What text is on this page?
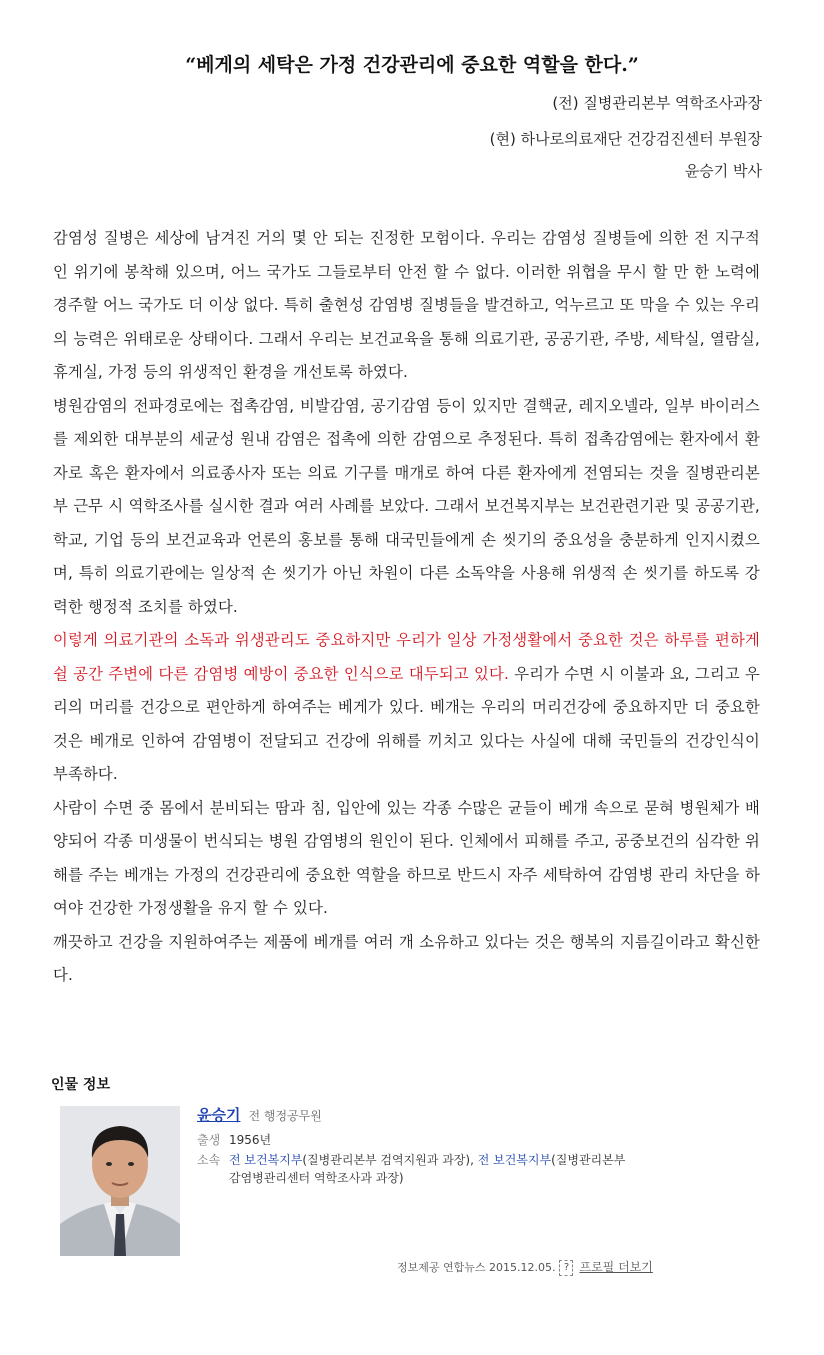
“베게의 세탁은 가정 건강관리에 중요한 역할을 한다.”
(전) 질병관리본부 역학조사과장
(현) 하나로의료재단 건강검진센터 부원장
윤승기 박사

감염성 질병은 세상에 남겨진 거의 몇 안 되는 진정한 모험이다. 우리는 감염성 질병들에 의한 전 지구적인 위기에 봉착해 있으며, 어느 국가도 그들로부터 안전 할 수 없다. 이러한 위협을 무시 할 만 한 노력에 경주할 어느 국가도 더 이상 없다. 특히 출현성 감염병 질병들을 발견하고, 억누르고 또 막을 수 있는 우리의 능력은 위태로운 상태이다. 그래서 우리는 보건교육을 통해 의료기관, 공공기관, 주방, 세탁실, 열람실, 휴게실, 가정 등의 위생적인 환경을 개선토록 하였다.

병원감염의 전파경로에는 접촉감염, 비발감염, 공기감염 등이 있지만 결핵균, 레지오넬라, 일부 바이러스를 제외한 대부분의 세균성 원내 감염은 접촉에 의한 감염으로 추정된다. 특히 접촉감염에는 환자에서 환자로 혹은 환자에서 의료종사자 또는 의료 기구를 매개로 하여 다른 환자에게 전염되는 것을 질병관리본부 근무 시 역학조사를 실시한 결과 여러 사례를 보았다. 그래서 보건복지부는 보건관련기관 및 공공기관, 학교, 기업 등의 보건교육과 언론의 홍보를 통해 대국민들에게 손 씻기의 중요성을 충분하게 인지시켰으며, 특히 의료기관에는 일상적 손 씻기가 아닌 차원이 다른 소독약을 사용해 위생적 손 씻기를 하도록 강력한 행정적 조치를 하였다.

이렇게 의료기관의 소독과 위생관리도 중요하지만 우리가 일상 가정생활에서 중요한 것은 하루를 편하게 쉴 공간 주변에 다른 감염병 예방이 중요한 인식으로 대두되고 있다. 우리가 수면 시 이불과 요, 그리고 우리의 머리를 건강으로 편안하게 하여주는 베게가 있다. 베개는 우리의 머리건강에 중요하지만 더 중요한 것은 베개로 인하여 감염병이 전달되고 건강에 위해를 끼치고 있다는 사실에 대해 국민들의 건강인식이 부족하다.

사람이 수면 중 몸에서 분비되는 땀과 침, 입안에 있는 각종 수많은 균들이 베개 속으로 묻혀 병원체가 배양되어 각종 미생물이 번식되는 병원 감염병의 원인이 된다. 인체에서 피해를 주고, 공중보건의 심각한 위해를 주는 베개는 가정의 건강관리에 중요한 역할을 하므로 반드시 자주 세탁하여 감염병 관리 차단을 하여야 건강한 가정생활을 유지 할 수 있다.

깨끗하고 건강을 지원하여주는 제품에 베개를 여러 개 소유하고 있다는 것은 행복의 지름길이라고 확신한다.

인물 정보
윤승기 전 행정공무원
출생 1956년
소속 전 보건복지부(질병관리본부 검역지원과 과장), 전 보건복지부(질병관리본부
감염병관리센터 역학조사과 과장)
정보제공 연합뉴스 2015.12.05. ? 프로필 더보기
